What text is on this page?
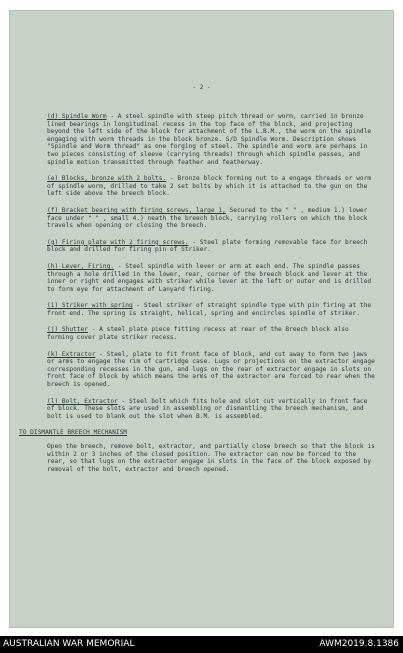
- 2 -

(d) Spindle Worm - A steel spindle with steep pitch thread or worm, carried in bronze lined bearings in longitudinal recess in the top face of the block, and projecting beyond the left side of the block for attachment of the L.B.M., the worm on the spindle engaging with worm threads in the block bronze. S/D Spindle Worm. Description shows "Spindle and Worm thread" as one forging of steel. The spindle and worm are perhaps in two pieces consisting of sleeve (carrying threads) through which spindle passes, and spindle motion transmitted through feather and featherway.

(e) Blocks, bronze with 2 bolts. - Bronze block forming nut to a engage threads or worm of spindle worm, drilled to take 2 set bolts by which it is attached to the gun on the left side above the breech block.

(f) Bracket bearing with firing screws, large 1, Secured to the " " , medium 1.) lower face under " " , small 4.) neath the breech block, carrying rollers on which the block travels when opening or closing the breech.

(g) Firing plate with 2 firing screws. - Steel plate forming removable face for breech block and drilled for firing pin of Striker.

(h) Lever, Firing. - Steel spindle with lever or arm at each end. The spindle passes through a hole drilled in the lower, rear, corner of the breech block and lever at the inner or right end engages with striker while lever at the left or outer end is drilled to form eye for attachment of Lanyard firing.

(i) Striker with spring - Steel striker of straight spindle type with pin firing at the front end. The spring is straight, helical, spring and encircles spindle of striker.

(j) Shutter - A steel plate piece fitting recess at rear of the Breech block also forming cover plate striker recess.

(k) Extractor - Steel, plate to fit front face of block, and cut away to form two jaws or arms to engage the rim of cartridge case. Lugs or projections on the extractor engage corresponding recesses in the gun, and lugs on the rear of extractor engage in slots on front face of block by which means the arms of the extractor are forced to rear when the breech is opened.

(l) Bolt, Extractor - Steel bolt which fits hole and slot cut vertically in front face of block. These slots are used in assembling or dismantling the breech mechanism, and bolt is used to blank out the slot when B.M. is assembled.

TO DISMANTLE BREECH MECHANISM

Open the breech, remove bolt, extractor, and partially close breech so that the block is within 2 or 3 inches of the closed position. The extractor can now be forced to the rear, so that lugs on the extractor engage in slots in the face of the block exposed by removal of the bolt, extractor and breech opened.

AUSTRALIAN WAR MEMORIAL	AWM2019.8.1386
